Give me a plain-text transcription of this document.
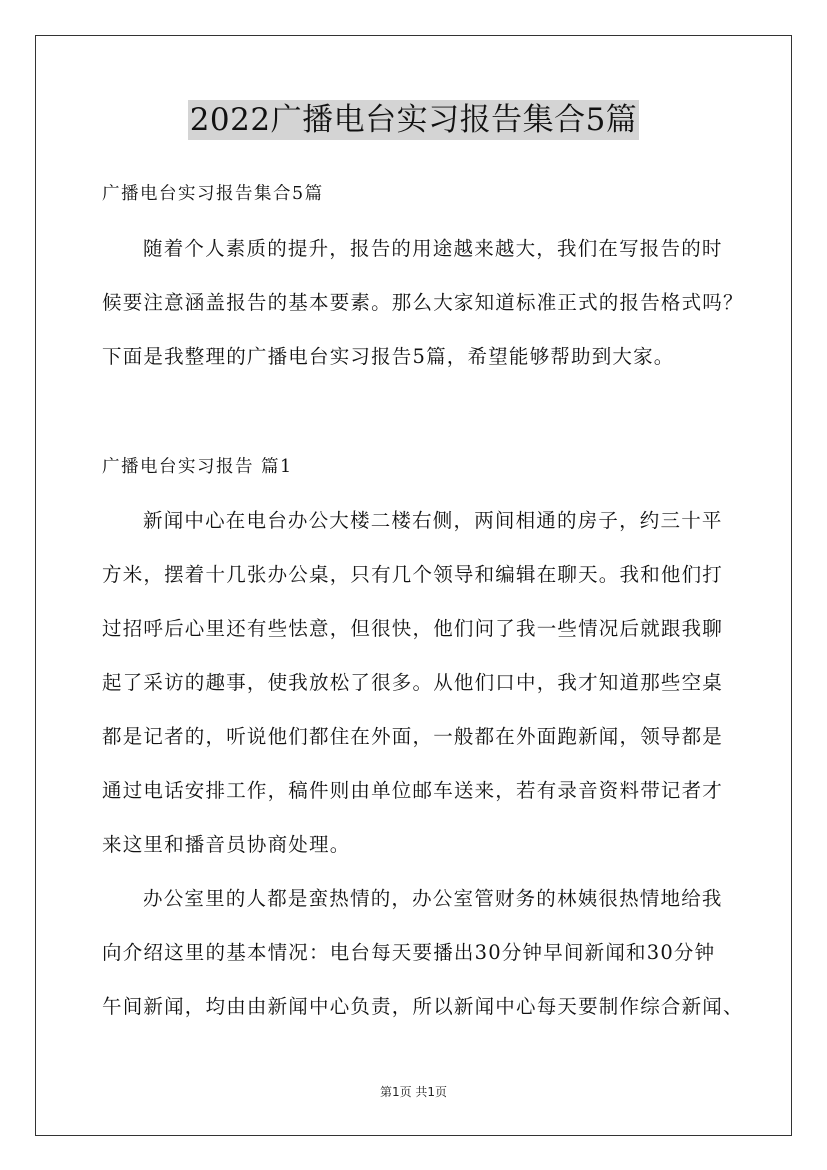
2022广播电台实习报告集合5篇
广播电台实习报告集合5篇
随着个人素质的提升，报告的用途越来越大，我们在写报告的时
候要注意涵盖报告的基本要素。那么大家知道标准正式的报告格式吗？
下面是我整理的广播电台实习报告5篇，希望能够帮助到大家。
广播电台实习报告 篇1
新闻中心在电台办公大楼二楼右侧，两间相通的房子，约三十平
方米，摆着十几张办公桌，只有几个领导和编辑在聊天。我和他们打
过招呼后心里还有些怯意，但很快，他们问了我一些情况后就跟我聊
起了采访的趣事，使我放松了很多。从他们口中，我才知道那些空桌
都是记者的，听说他们都住在外面，一般都在外面跑新闻，领导都是
通过电话安排工作，稿件则由单位邮车送来，若有录音资料带记者才
来这里和播音员协商处理。
办公室里的人都是蛮热情的，办公室管财务的林姨很热情地给我
向介绍这里的基本情况：电台每天要播出30分钟早间新闻和30分钟
午间新闻，均由由新闻中心负责，所以新闻中心每天要制作综合新闻、
第1页 共1页
